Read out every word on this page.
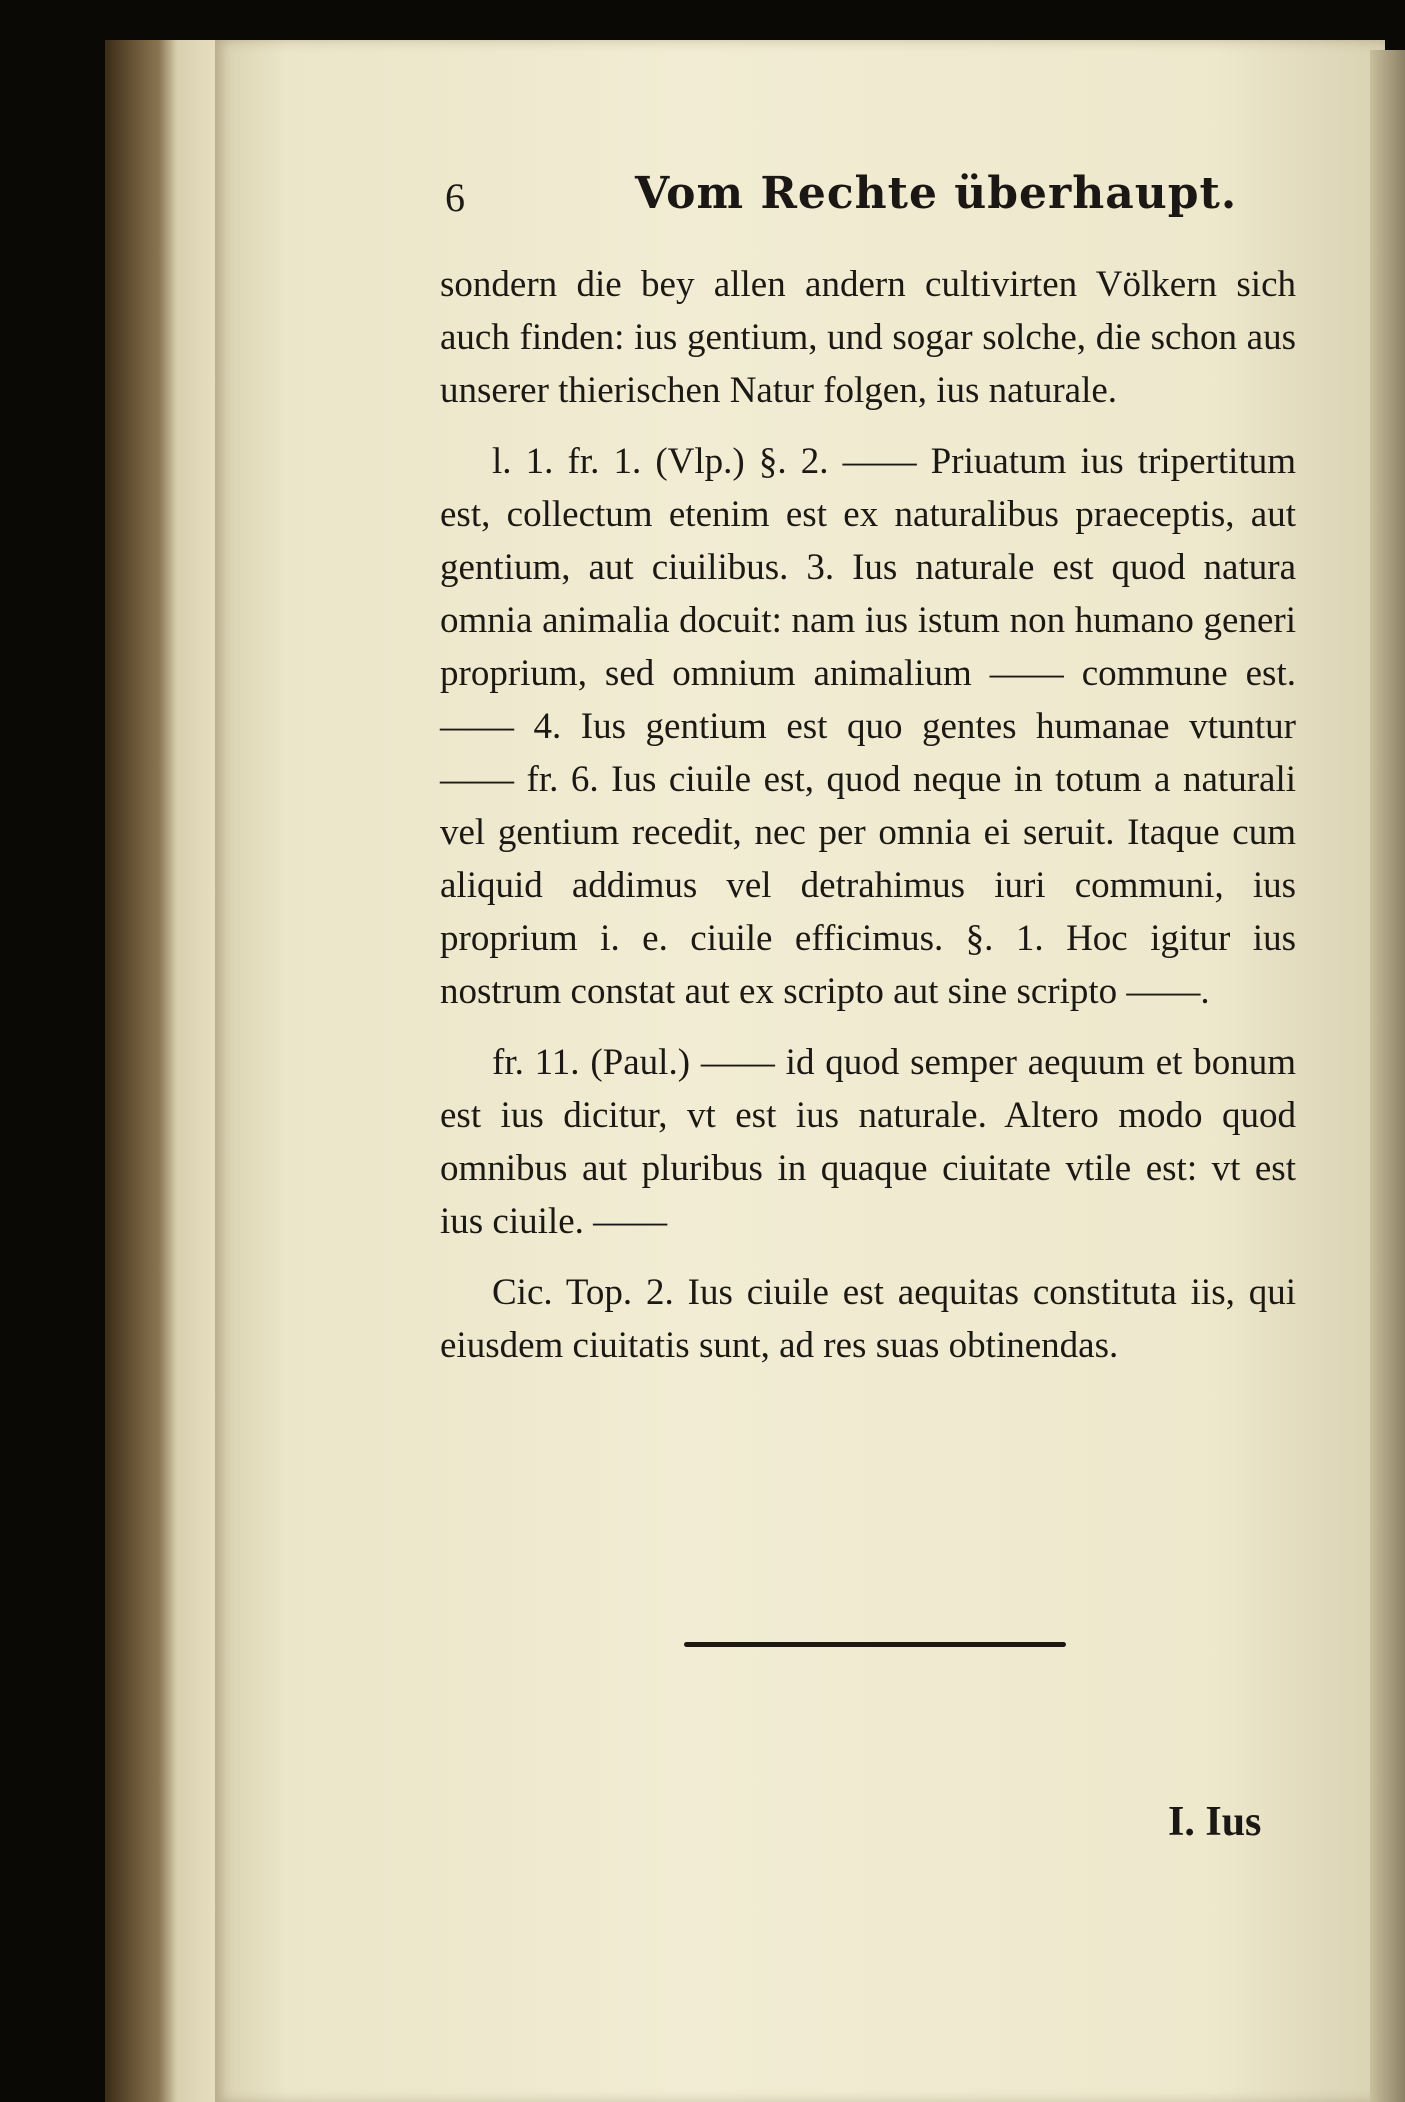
6	Vom Rechte überhaupt.

sondern die bey allen andern cultivirten Völkern sich auch finden: ius gentium, und sogar solche, die schon aus unserer thierischen Natur folgen, ius naturale.

l. 1. fr. 1. (Vlp.) §. 2. —— Priuatum ius tripertitum est, collectum etenim est ex naturalibus praeceptis, aut gentium, aut ciuilibus. 3. Ius naturale est quod natura omnia animalia docuit: nam ius istum non humano generi proprium, sed omnium animalium —— commune est. —— 4. Ius gentium est quo gentes humanae vtuntur —— fr. 6. Ius ciuile est, quod neque in totum a naturali vel gentium recedit, nec per omnia ei seruit. Itaque cum aliquid addimus vel detrahimus iuri communi, ius proprium i. e. ciuile efficimus. §. 1. Hoc igitur ius nostrum constat aut ex scripto aut sine scripto ——.

fr. 11. (Paul.) —— id quod semper aequum et bonum est ius dicitur, vt est ius naturale. Altero modo quod omnibus aut pluribus in quaque ciuitate vtile est: vt est ius ciuile. ——

Cic. Top. 2. Ius ciuile est aequitas constituta iis, qui eiusdem ciuitatis sunt, ad res suas obtinendas.

I. Ius
